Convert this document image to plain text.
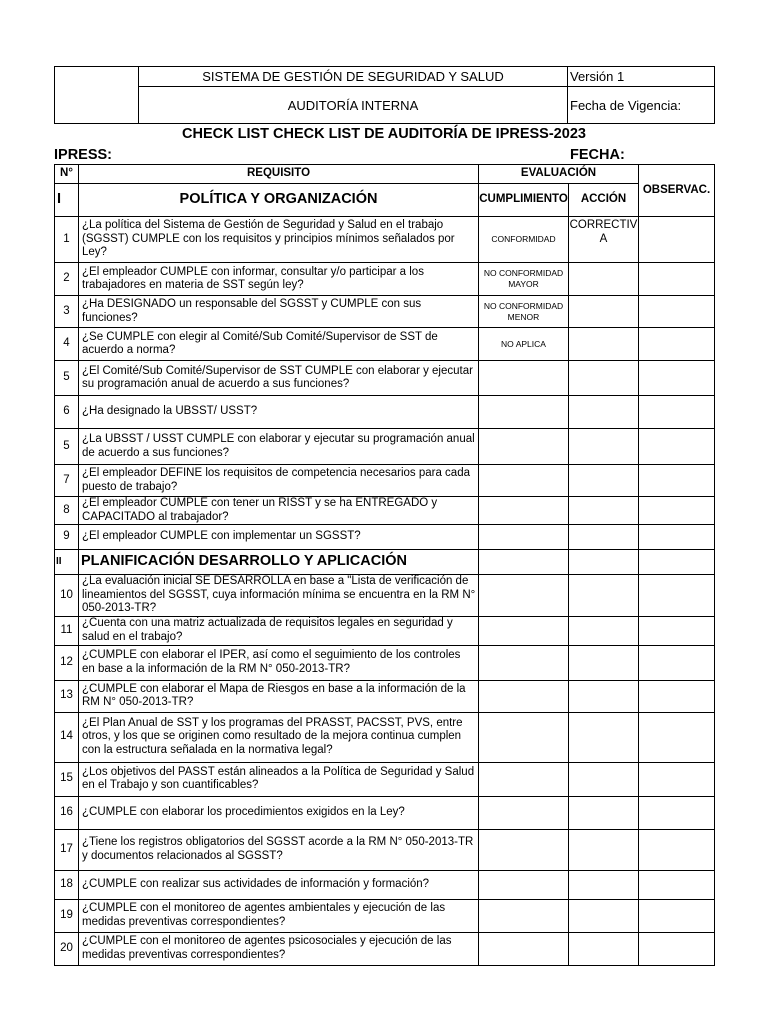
	SISTEMA DE GESTIÓN DE SEGURIDAD Y SALUD	Versión 1
	AUDITORÍA INTERNA	Fecha de Vigencia:
CHECK LIST CHECK LIST DE AUDITORÍA DE IPRESS-2023
IPRESS:	FECHA:
N°	REQUISITO	EVALUACIÓN		OBSERVAC.
I	POLÍTICA Y ORGANIZACIÓN	CUMPLIMIENTO	ACCIÓN	
1	¿La política del Sistema de Gestión de Seguridad y Salud en el trabajo (SGSST) CUMPLE con los requisitos y principios mínimos señalados por Ley?	CONFORMIDAD	CORRECTIV A	
2	¿El empleador CUMPLE con informar, consultar y/o participar a los trabajadores en materia de SST según ley?	NO CONFORMIDAD MAYOR		
3	¿Ha DESIGNADO un responsable del SGSST y CUMPLE con sus funciones?	NO CONFORMIDAD MENOR		
4	¿Se CUMPLE con elegir al Comité/Sub Comité/Supervisor de SST de acuerdo a norma?	NO APLICA		
5	¿El Comité/Sub Comité/Supervisor de SST CUMPLE con elaborar y ejecutar su programación anual de acuerdo a sus funciones?			
6	¿Ha designado la UBSST/ USST?			
5	¿La UBSST / USST CUMPLE con elaborar y ejecutar su programación anual de acuerdo a sus funciones?			
7	¿El empleador DEFINE los requisitos de competencia necesarios para cada puesto de trabajo?			
8	¿El empleador CUMPLE con tener un RISST y se ha ENTREGADO y CAPACITADO al trabajador?			
9	¿El empleador CUMPLE con implementar un SGSST?			
II	PLANIFICACIÓN DESARROLLO Y APLICACIÓN			
10	¿La evaluación inicial SE DESARROLLA en base a "Lista de verificación de lineamientos del SGSST, cuya información mínima se encuentra en la RM N° 050-2013-TR?			
11	¿Cuenta con una matriz actualizada de requisitos legales en seguridad y salud en el trabajo?			
12	¿CUMPLE con elaborar el IPER, así como el seguimiento de los controles en base a la información de la RM N° 050-2013-TR?			
13	¿CUMPLE con elaborar el Mapa de Riesgos en base a la información de la RM N° 050-2013-TR?			
14	¿El Plan Anual de SST y los programas del PRASST, PACSST, PVS, entre otros, y los que se originen como resultado de la mejora continua cumplen con la estructura señalada en la normativa legal?			
15	¿Los objetivos del PASST están alineados a la Política de Seguridad y Salud en el Trabajo y son cuantificables?			
16	¿CUMPLE con elaborar los procedimientos exigidos en la Ley?			
17	¿Tiene los registros obligatorios del SGSST acorde a la RM N° 050-2013-TR y documentos relacionados al SGSST?			
18	¿CUMPLE con realizar sus actividades de información y formación?			
19	¿CUMPLE con el monitoreo de agentes ambientales y ejecución de las medidas preventivas correspondientes?			
20	¿CUMPLE con el monitoreo de agentes psicosociales y ejecución de las medidas preventivas correspondientes?			
